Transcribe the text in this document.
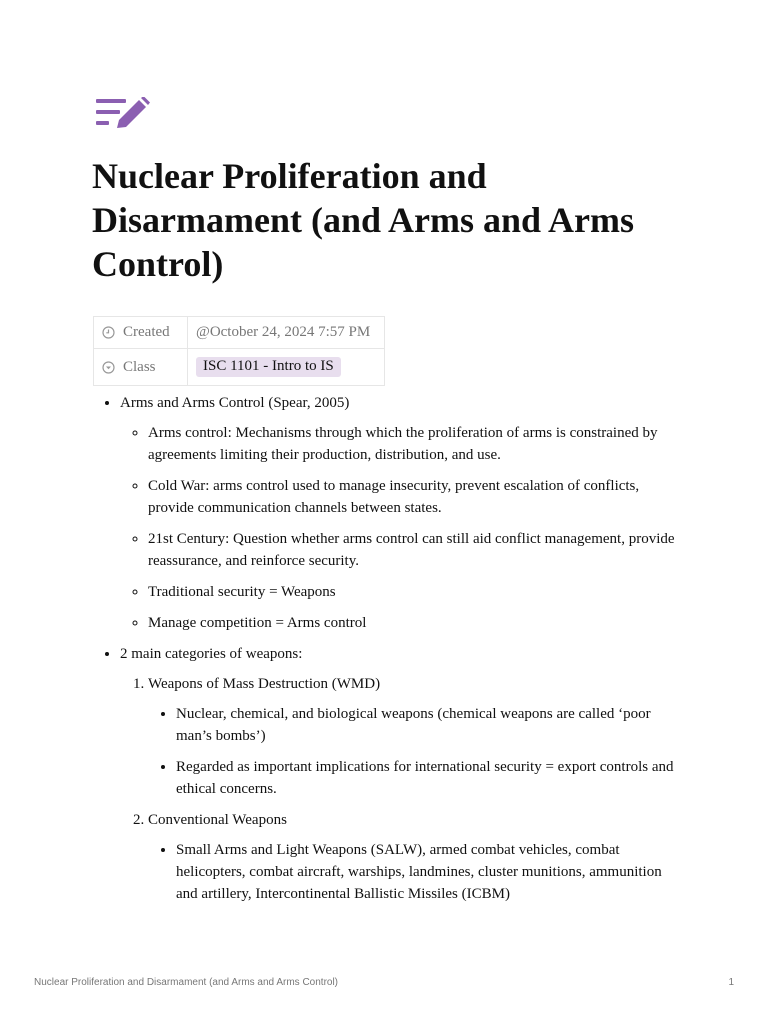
Nuclear Proliferation and Disarmament (and Arms and Arms Control)
Created	@October 24, 2024 7:57 PM

Class	ISC 1101 - Intro to IS
• Arms and Arms Control (Spear, 2005)
◦ Arms control: Mechanisms through which the proliferation of arms is constrained by agreements limiting their production, distribution, and use.
◦ Cold War: arms control used to manage insecurity, prevent escalation of conflicts, provide communication channels between states.
◦ 21st Century: Question whether arms control can still aid conflict management, provide reassurance, and reinforce security.
◦ Traditional security = Weapons
◦ Manage competition = Arms control
• 2 main categories of weapons:
1. Weapons of Mass Destruction (WMD)
• Nuclear, chemical, and biological weapons (chemical weapons are called ‘poor man’s bombs’)
• Regarded as important implications for international security = export controls and ethical concerns.
2. Conventional Weapons
• Small Arms and Light Weapons (SALW), armed combat vehicles, combat helicopters, combat aircraft, warships, landmines, cluster munitions, ammunition and artillery, Intercontinental Ballistic Missiles (ICBM)
Nuclear Proliferation and Disarmament (and Arms and Arms Control)	1
